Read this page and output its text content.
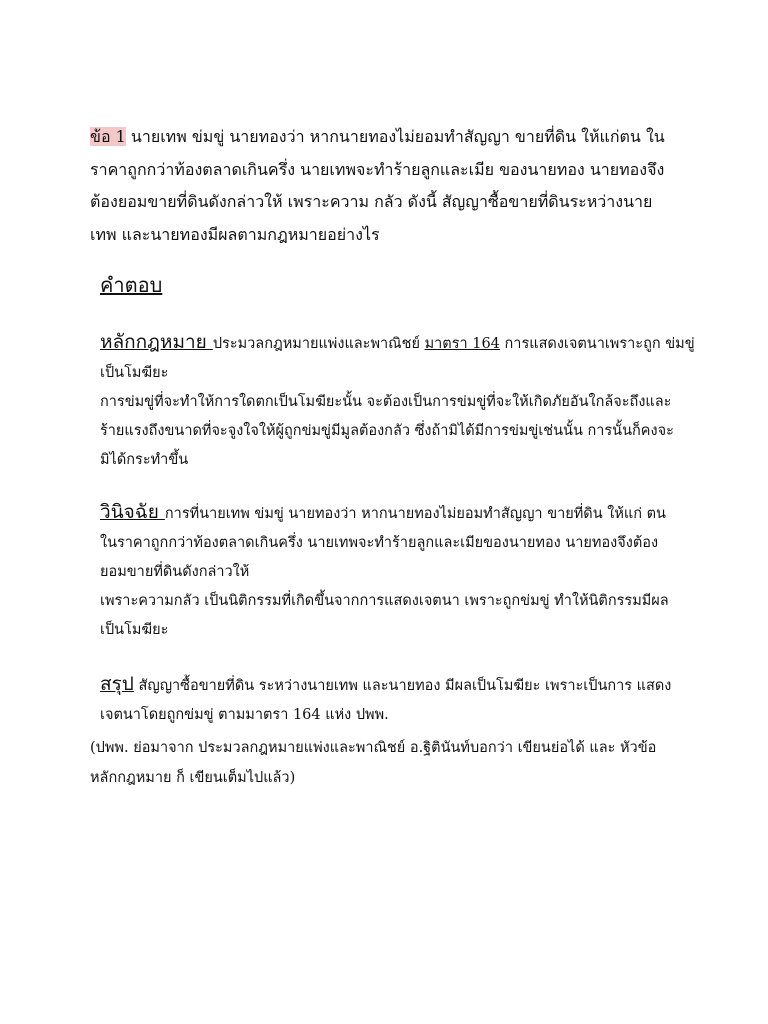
ข้อ 1 นายเทพ ข่มขู่ นายทองว่า หากนายทองไม่ยอมทำสัญญา ขายที่ดิน ให้แก่ตน ใน
ราคาถูกกว่าท้องตลาดเกินครึ่ง นายเทพจะทำร้ายลูกและเมีย ของนายทอง นายทองจึง
ต้องยอมขายที่ดินดังกล่าวให้ เพราะความ กลัว ดังนี้ สัญญาซื้อขายที่ดินระหว่างนาย
เทพ และนายทองมีผลตามกฎหมายอย่างไร
คำตอบ
หลักกฎหมาย ประมวลกฎหมายแพ่งและพาณิชย์ มาตรา 164 การแสดงเจตนาเพราะถูก ข่มขู่
เป็นโมฆียะ
การข่มขู่ที่จะทำให้การใดตกเป็นโมฆียะนั้น จะต้องเป็นการข่มขู่ที่จะให้เกิดภัยอันใกล้จะถึงและ
ร้ายแรงถึงขนาดที่จะจูงใจให้ผู้ถูกข่มขู่มีมูลต้องกลัว ซึ่งถ้ามิได้มีการข่มขู่เช่นนั้น การนั้นก็คงจะ
มิได้กระทำขึ้น
วินิจฉัย การที่นายเทพ ข่มขู่ นายทองว่า หากนายทองไม่ยอมทำสัญญา ขายที่ดิน ให้แก่ ตน
ในราคาถูกกว่าท้องตลาดเกินครึ่ง นายเทพจะทำร้ายลูกและเมียของนายทอง นายทองจึงต้อง
ยอมขายที่ดินดังกล่าวให้
เพราะความกลัว เป็นนิติกรรมที่เกิดขึ้นจากการแสดงเจตนา เพราะถูกข่มขู่ ทำให้นิติกรรมมีผล
เป็นโมฆียะ
สรุป สัญญาซื้อขายที่ดิน ระหว่างนายเทพ และนายทอง มีผลเป็นโมฆียะ เพราะเป็นการ แสดง
เจตนาโดยถูกข่มขู่ ตามมาตรา 164 แห่ง ปพพ.
(ปพพ. ย่อมาจาก ประมวลกฎหมายแพ่งและพาณิชย์ อ.ฐิตินันท์บอกว่า เขียนย่อได้ และ หัวข้อ
หลักกฎหมาย ก็ เขียนเต็มไปแล้ว)
